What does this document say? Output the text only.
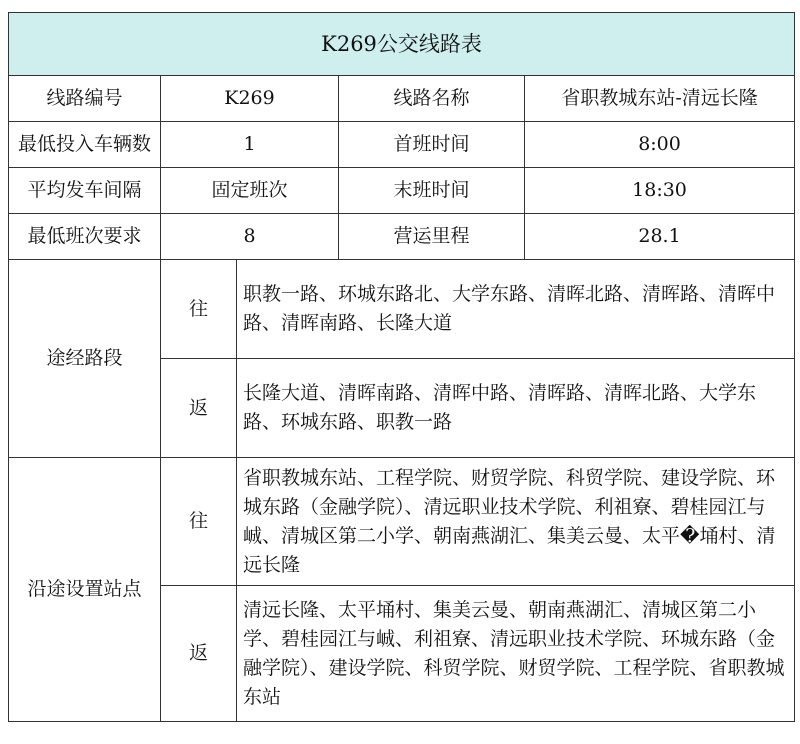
K269公交线路表				
线路编号	K269		线路名称	省职教城东站-清远长隆
最低投入车辆数	1		首班时间	8:00
平均发车间隔	固定班次		末班时间	18:30
最低班次要求	8		营运里程	28.1
途经路段	往	职教一路、环城东路北、大学东路、清晖北路、清晖路、清晖中路、清晖南路、长隆大道		
	返	长隆大道、清晖南路、清晖中路、清晖路、清晖北路、大学东路、环城东路、职教一路		
沿途设置站点	往	省职教城东站、工程学院、财贸学院、科贸学院、建设学院、环城东路（金融学院）、清远职业技术学院、利祖寮、碧桂园江与峸、清城区第二小学、朝南燕湖汇、集美云曼、太平�埇村、清远长隆		
	返	清远长隆、太平埇村、集美云曼、朝南燕湖汇、清城区第二小学、碧桂园江与峸、利祖寮、清远职业技术学院、环城东路（金融学院）、建设学院、科贸学院、财贸学院、工程学院、省职教城东站		
